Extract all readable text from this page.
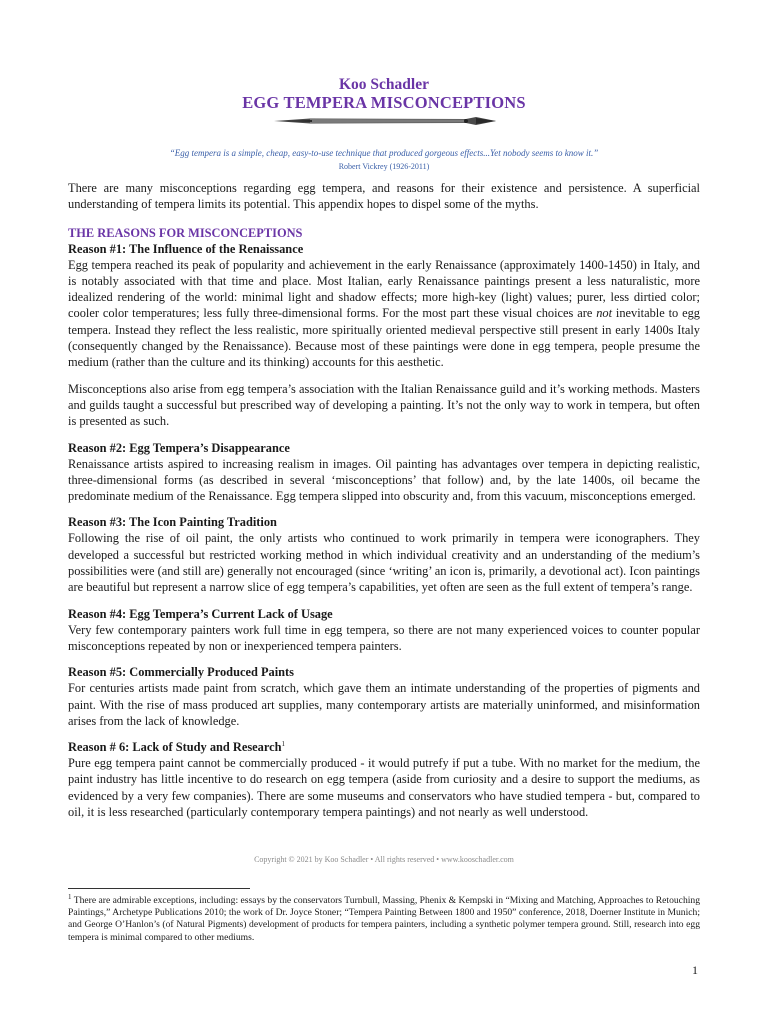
Koo Schadler
EGG TEMPERA MISCONCEPTIONS
“Egg tempera is a simple, cheap, easy-to-use technique that produced gorgeous effects...Yet nobody seems to know it.”
Robert Vickrey (1926-2011)

There are many misconceptions regarding egg tempera, and reasons for their existence and persistence. A superficial understanding of tempera limits its potential. This appendix hopes to dispel some of the myths.

THE REASONS FOR MISCONCEPTIONS
Reason #1: The Influence of the Renaissance

Egg tempera reached its peak of popularity and achievement in the early Renaissance (approximately 1400-1450) in Italy, and is notably associated with that time and place. Most Italian, early Renaissance paintings present a less naturalistic, more idealized rendering of the world: minimal light and shadow effects; more high-key (light) values; purer, less dirtied color; cooler color temperatures; less fully three-dimensional forms. For the most part these visual choices are not inevitable to egg tempera. Instead they reflect the less realistic, more spiritually oriented medieval perspective still present in early 1400s Italy (consequently changed by the Renaissance). Because most of these paintings were done in egg tempera, people presume the medium (rather than the culture and its thinking) accounts for this aesthetic.

Misconceptions also arise from egg tempera’s association with the Italian Renaissance guild and it’s working methods. Masters and guilds taught a successful but prescribed way of developing a painting. It’s not the only way to work in tempera, but often is presented as such.

Reason #2: Egg Tempera’s Disappearance

Renaissance artists aspired to increasing realism in images. Oil painting has advantages over tempera in depicting realistic, three-dimensional forms (as described in several ‘misconceptions’ that follow) and, by the late 1400s, oil became the predominate medium of the Renaissance. Egg tempera slipped into obscurity and, from this vacuum, misconceptions emerged.

Reason #3: The Icon Painting Tradition

Following the rise of oil paint, the only artists who continued to work primarily in tempera were iconographers. They developed a successful but restricted working method in which individual creativity and an understanding of the medium’s possibilities were (and still are) generally not encouraged (since ‘writing’ an icon is, primarily, a devotional act). Icon paintings are beautiful but represent a narrow slice of egg tempera’s capabilities, yet often are seen as the full extent of tempera’s range.

Reason #4: Egg Tempera’s Current Lack of Usage

Very few contemporary painters work full time in egg tempera, so there are not many experienced voices to counter popular misconceptions repeated by non or inexperienced tempera painters.

Reason #5: Commercially Produced Paints

For centuries artists made paint from scratch, which gave them an intimate understanding of the properties of pigments and paint. With the rise of mass produced art supplies, many contemporary artists are materially uninformed, and misinformation arises from the lack of knowledge.

Reason # 6: Lack of Study and Research$^1$

Pure egg tempera paint cannot be commercially produced - it would putrefy if put a tube. With no market for the medium, the paint industry has little incentive to do research on egg tempera (aside from curiosity and a desire to support the mediums, as evidenced by a very few companies). There are some museums and conservators who have studied tempera - but, compared to oil, it is less researched (particularly contemporary tempera paintings) and not nearly as well understood.

Copyright © 2021 by Koo Schadler • All rights reserved • www.kooschadler.com
$^1$ There are admirable exceptions, including: essays by the conservators Turnbull, Massing, Phenix & Kempski in “Mixing and Matching, Approaches to Retouching Paintings,” Archetype Publications 2010; the work of Dr. Joyce Stoner; “Tempera Painting Between 1800 and 1950” conference, 2018, Doerner Institute in Munich; and George O’Hanlon’s (of Natural Pigments) development of products for tempera painters, including a synthetic polymer tempera ground. Still, research into egg tempera is minimal compared to other mediums.
1
